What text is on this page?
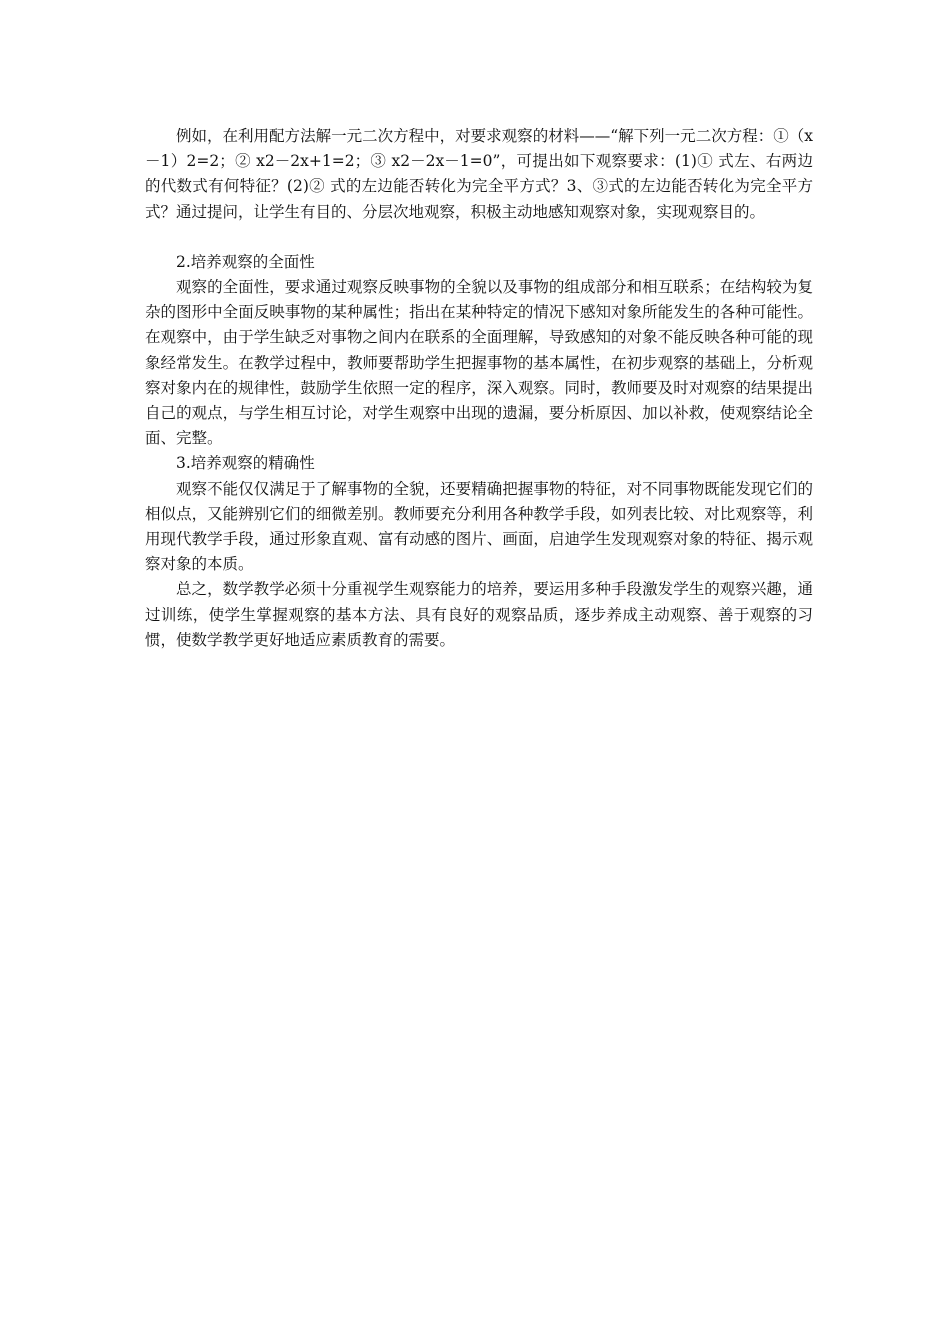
例如，在利用配方法解一元二次方程中，对要求观察的材料——“解下列一元二次方程：①（x－1）2=2；② x2－2x+1=2；③ x2－2x－1=0”，可提出如下观察要求：(1)① 式左、右两边的代数式有何特征？(2)② 式的左边能否转化为完全平方式？3、③式的左边能否转化为完全平方式？通过提问，让学生有目的、分层次地观察，积极主动地感知观察对象，实现观察目的。

2.培养观察的全面性

观察的全面性，要求通过观察反映事物的全貌以及事物的组成部分和相互联系；在结构较为复杂的图形中全面反映事物的某种属性；指出在某种特定的情况下感知对象所能发生的各种可能性。在观察中，由于学生缺乏对事物之间内在联系的全面理解，导致感知的对象不能反映各种可能的现象经常发生。在教学过程中，教师要帮助学生把握事物的基本属性，在初步观察的基础上，分析观察对象内在的规律性，鼓励学生依照一定的程序，深入观察。同时，教师要及时对观察的结果提出自己的观点，与学生相互讨论，对学生观察中出现的遗漏，要分析原因、加以补救，使观察结论全面、完整。

3.培养观察的精确性

观察不能仅仅满足于了解事物的全貌，还要精确把握事物的特征，对不同事物既能发现它们的相似点，又能辨别它们的细微差别。教师要充分利用各种教学手段，如列表比较、对比观察等，利用现代教学手段，通过形象直观、富有动感的图片、画面，启迪学生发现观察对象的特征、揭示观察对象的本质。

总之，数学教学必须十分重视学生观察能力的培养，要运用多种手段激发学生的观察兴趣，通过训练，使学生掌握观察的基本方法、具有良好的观察品质，逐步养成主动观察、善于观察的习惯，使数学教学更好地适应素质教育的需要。
